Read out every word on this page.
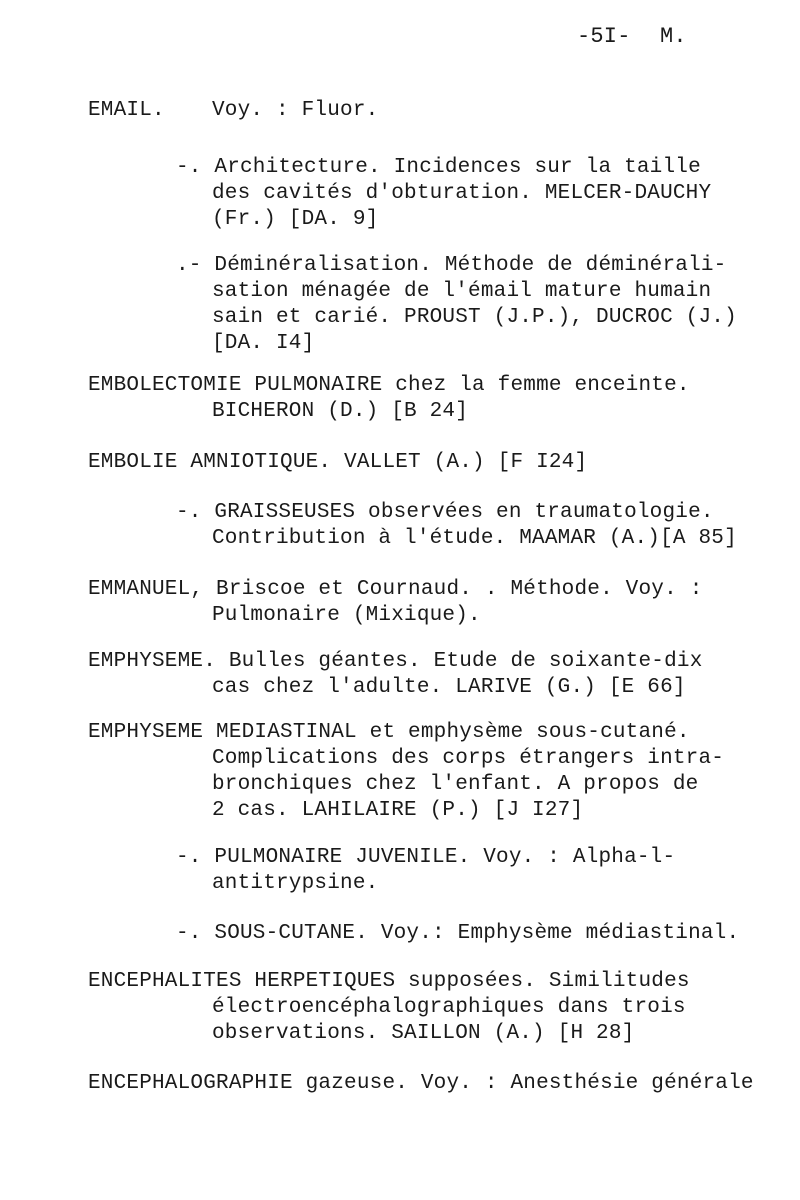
-5I- M.
EMAIL. Voy. : Fluor.
-. Architecture. Incidences sur la taille
des cavités d'obturation. MELCER-DAUCHY
(Fr.) [DA. 9]
.- Déminéralisation. Méthode de déminérali-
sation ménagée de l'émail mature humain
sain et carié. PROUST (J.P.), DUCROC (J.)
[DA. I4]
EMBOLECTOMIE PULMONAIRE chez la femme enceinte.
BICHERON (D.) [B 24]
EMBOLIE AMNIOTIQUE. VALLET (A.) [F I24]
-. GRAISSEUSES observées en traumatologie.
Contribution à l'étude. MAAMAR (A.)[A 85]
EMMANUEL, Briscoe et Cournaud. . Méthode. Voy. :
Pulmonaire (Mixique).
EMPHYSEME. Bulles géantes. Etude de soixante-dix
cas chez l'adulte. LARIVE (G.) [E 66]
EMPHYSEME MEDIASTINAL et emphysème sous-cutané.
Complications des corps étrangers intra-
bronchiques chez l'enfant. A propos de
2 cas. LAHILAIRE (P.) [J I27]
-. PULMONAIRE JUVENILE. Voy. : Alpha-l-
antitrypsine.
-. SOUS-CUTANE. Voy.: Emphysème médiastinal.
ENCEPHALITES HERPETIQUES supposées. Similitudes
électroencéphalographiques dans trois
observations. SAILLON (A.) [H 28]
ENCEPHALOGRAPHIE gazeuse. Voy. : Anesthésie générale
